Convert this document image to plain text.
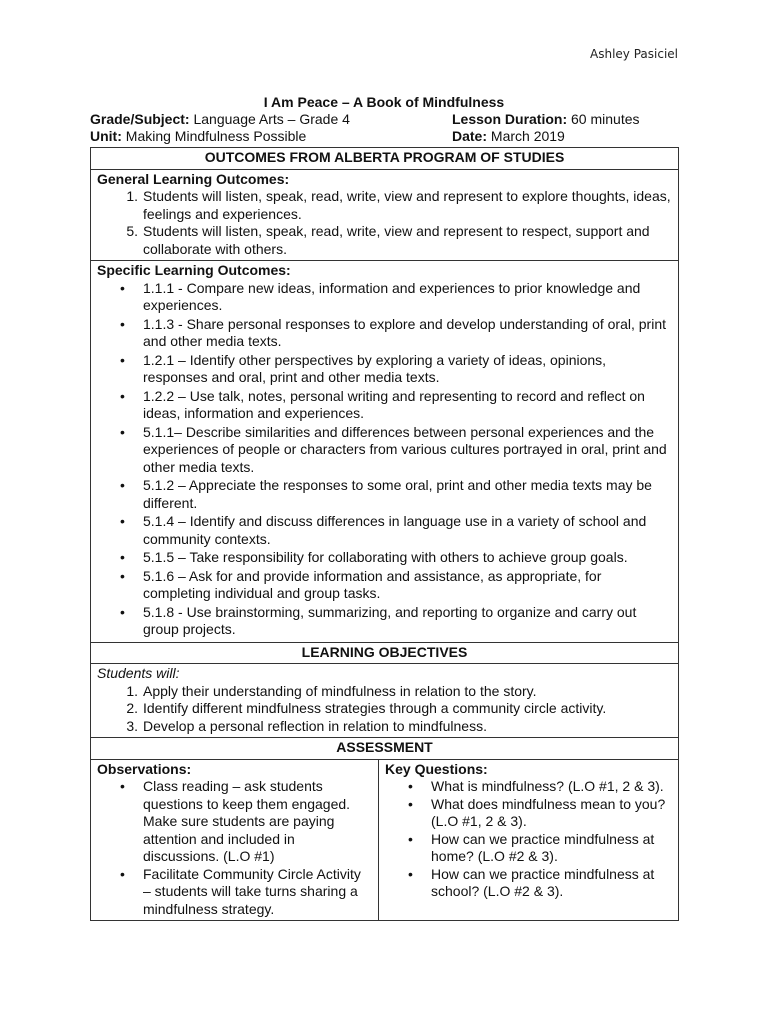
Ashley Pasiciel
I Am Peace – A Book of Mindfulness
Grade/Subject: Language Arts – Grade 4	Lesson Duration: 60 minutes
Unit: Making Mindfulness Possible	Date: March 2019
OUTCOMES FROM ALBERTA PROGRAM OF STUDIES

General Learning Outcomes:
1. Students will listen, speak, read, write, view and represent to explore thoughts, ideas, feelings and experiences.
5. Students will listen, speak, read, write, view and represent to respect, support and collaborate with others.

Specific Learning Outcomes:
• 1.1.1 - Compare new ideas, information and experiences to prior knowledge and experiences.
• 1.1.3 - Share personal responses to explore and develop understanding of oral, print and other media texts.
• 1.2.1 – Identify other perspectives by exploring a variety of ideas, opinions, responses and oral, print and other media texts.
• 1.2.2 – Use talk, notes, personal writing and representing to record and reflect on ideas, information and experiences.
• 5.1.1– Describe similarities and differences between personal experiences and the experiences of people or characters from various cultures portrayed in oral, print and other media texts.
• 5.1.2 – Appreciate the responses to some oral, print and other media texts may be different.
• 5.1.4 – Identify and discuss differences in language use in a variety of school and community contexts.
• 5.1.5 – Take responsibility for collaborating with others to achieve group goals.
• 5.1.6 – Ask for and provide information and assistance, as appropriate, for completing individual and group tasks.
• 5.1.8 - Use brainstorming, summarizing, and reporting to organize and carry out group projects.

LEARNING OBJECTIVES

Students will:
1. Apply their understanding of mindfulness in relation to the story.
2. Identify different mindfulness strategies through a community circle activity.
3. Develop a personal reflection in relation to mindfulness.

ASSESSMENT

Observations:
• Class reading – ask students questions to keep them engaged. Make sure students are paying attention and included in discussions. (L.O #1)
• Facilitate Community Circle Activity – students will take turns sharing a mindfulness strategy.

Key Questions:
• What is mindfulness? (L.O #1, 2 & 3).
• What does mindfulness mean to you? (L.O #1, 2 & 3).
• How can we practice mindfulness at home? (L.O #2 & 3).
• How can we practice mindfulness at school? (L.O #2 & 3).
